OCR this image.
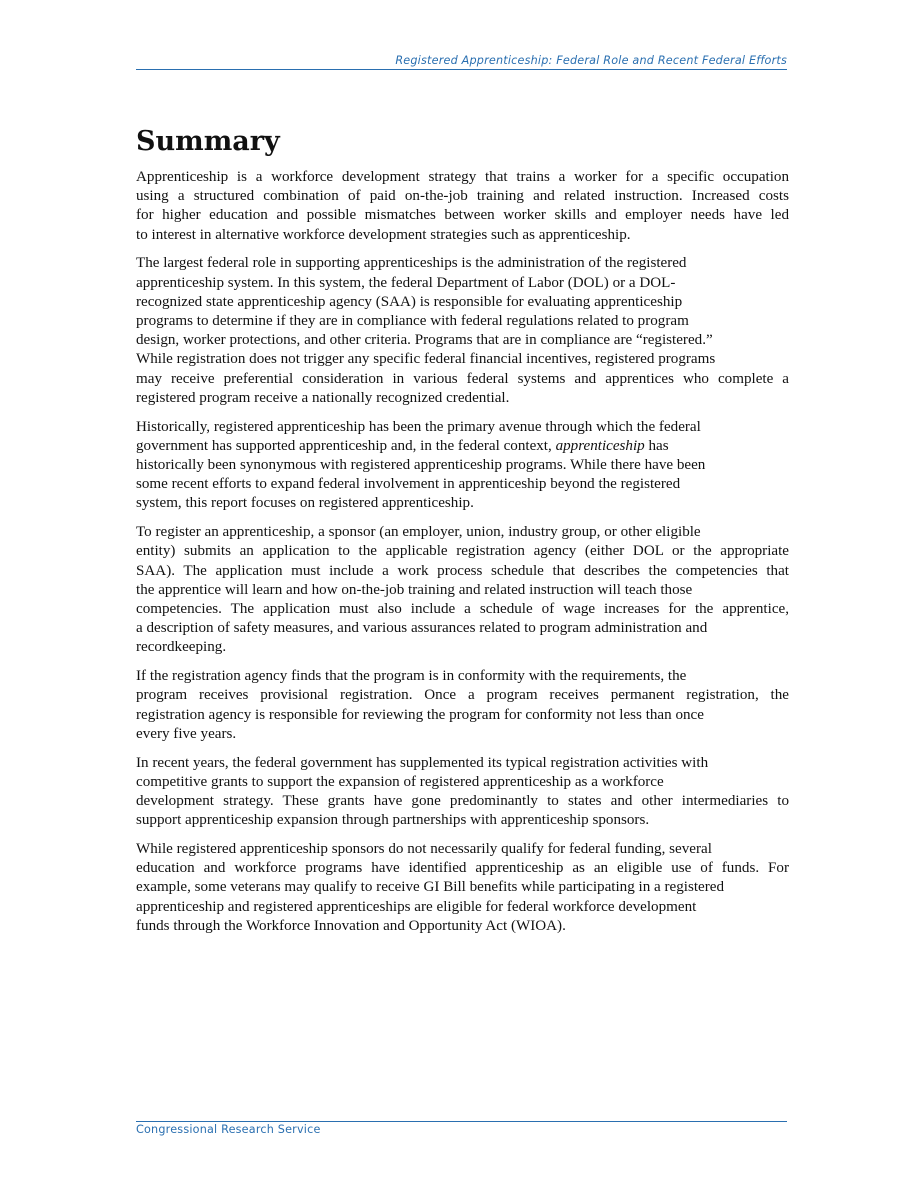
Registered Apprenticeship: Federal Role and Recent Federal Efforts
Summary

Apprenticeship is a workforce development strategy that trains a worker for a specific occupation
using a structured combination of paid on-the-job training and related instruction. Increased costs
for higher education and possible mismatches between worker skills and employer needs have led
to interest in alternative workforce development strategies such as apprenticeship.

The largest federal role in supporting apprenticeships is the administration of the registered
apprenticeship system. In this system, the federal Department of Labor (DOL) or a DOL-
recognized state apprenticeship agency (SAA) is responsible for evaluating apprenticeship
programs to determine if they are in compliance with federal regulations related to program
design, worker protections, and other criteria. Programs that are in compliance are “registered.”
While registration does not trigger any specific federal financial incentives, registered programs
may receive preferential consideration in various federal systems and apprentices who complete a
registered program receive a nationally recognized credential.

Historically, registered apprenticeship has been the primary avenue through which the federal
government has supported apprenticeship and, in the federal context, apprenticeship has
historically been synonymous with registered apprenticeship programs. While there have been
some recent efforts to expand federal involvement in apprenticeship beyond the registered
system, this report focuses on registered apprenticeship.

To register an apprenticeship, a sponsor (an employer, union, industry group, or other eligible
entity) submits an application to the applicable registration agency (either DOL or the appropriate
SAA). The application must include a work process schedule that describes the competencies that
the apprentice will learn and how on-the-job training and related instruction will teach those
competencies. The application must also include a schedule of wage increases for the apprentice,
a description of safety measures, and various assurances related to program administration and
recordkeeping.

If the registration agency finds that the program is in conformity with the requirements, the
program receives provisional registration. Once a program receives permanent registration, the
registration agency is responsible for reviewing the program for conformity not less than once
every five years.

In recent years, the federal government has supplemented its typical registration activities with
competitive grants to support the expansion of registered apprenticeship as a workforce
development strategy. These grants have gone predominantly to states and other intermediaries to
support apprenticeship expansion through partnerships with apprenticeship sponsors.

While registered apprenticeship sponsors do not necessarily qualify for federal funding, several
education and workforce programs have identified apprenticeship as an eligible use of funds. For
example, some veterans may qualify to receive GI Bill benefits while participating in a registered
apprenticeship and registered apprenticeships are eligible for federal workforce development
funds through the Workforce Innovation and Opportunity Act (WIOA).

Congressional Research Service
